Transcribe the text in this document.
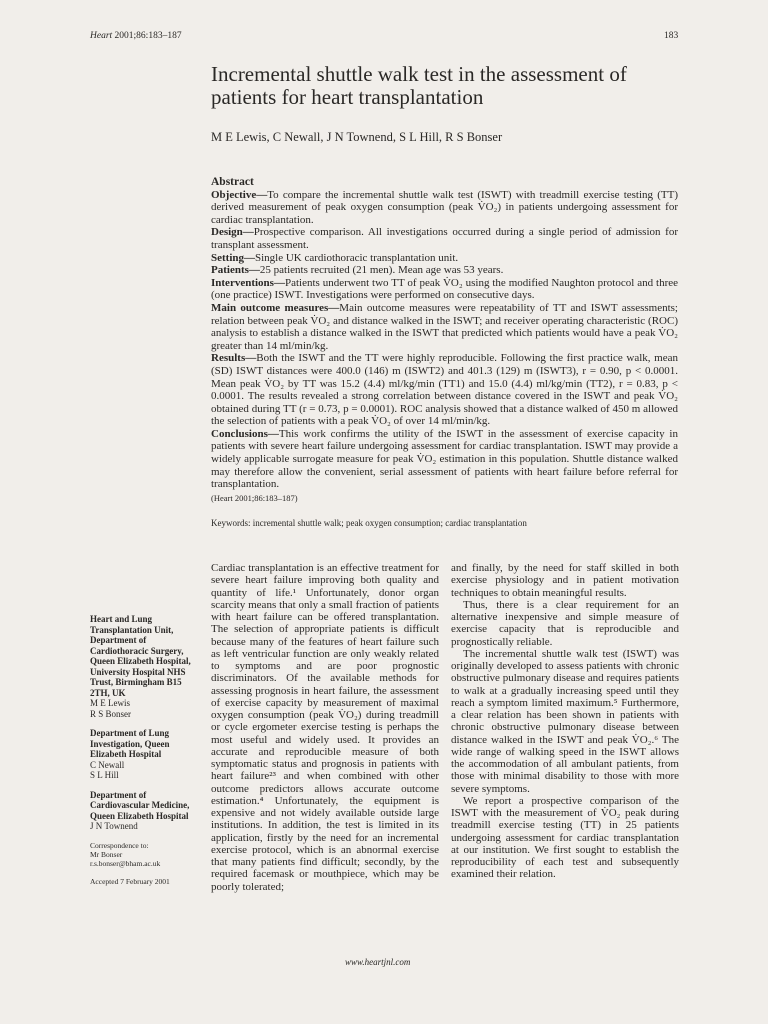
Heart 2001;86:183–187	183
Incremental shuttle walk test in the assessment of patients for heart transplantation
M E Lewis, C Newall, J N Townend, S L Hill, R S Bonser

Abstract

Objective—To compare the incremental shuttle walk test (ISWT) with treadmill exercise testing (TT) derived measurement of peak oxygen consumption (peak V̇O₂) in patients undergoing assessment for cardiac transplantation.

Design—Prospective comparison. All investigations occurred during a single period of admission for transplant assessment.

Setting—Single UK cardiothoracic transplantation unit.

Patients—25 patients recruited (21 men). Mean age was 53 years.

Interventions—Patients underwent two TT of peak V̇O₂ using the modified Naughton protocol and three (one practice) ISWT. Investigations were performed on consecutive days.

Main outcome measures—Main outcome measures were repeatability of TT and ISWT assessments; relation between peak V̇O₂ and distance walked in the ISWT; and receiver operating characteristic (ROC) analysis to establish a distance walked in the ISWT that predicted which patients would have a peak V̇O₂ greater than 14 ml/min/kg.

Results—Both the ISWT and the TT were highly reproducible. Following the first practice walk, mean (SD) ISWT distances were 400.0 (146) m (ISWT2) and 401.3 (129) m (ISWT3), r = 0.90, p < 0.0001. Mean peak V̇O₂ by TT was 15.2 (4.4) ml/kg/min (TT1) and 15.0 (4.4) ml/kg/min (TT2), r = 0.83, p < 0.0001. The results revealed a strong correlation between distance covered in the ISWT and peak V̇O₂ obtained during TT (r = 0.73, p = 0.0001). ROC analysis showed that a distance walked of 450 m allowed the selection of patients with a peak V̇O₂ of over 14 ml/min/kg.

Conclusions—This work confirms the utility of the ISWT in the assessment of exercise capacity in patients with severe heart failure undergoing assessment for cardiac transplantation. ISWT may provide a widely applicable surrogate measure for peak V̇O₂ estimation in this population. Shuttle distance walked may therefore allow the convenient, serial assessment of patients with heart failure before referral for transplantation.

(Heart 2001;86:183–187)

Keywords: incremental shuttle walk; peak oxygen consumption; cardiac transplantation
Heart and Lung Transplantation Unit, Department of Cardiothoracic Surgery, Queen Elizabeth Hospital, University Hospital NHS Trust, Birmingham B15 2TH, UK
M E Lewis
R S Bonser
Department of Lung Investigation, Queen Elizabeth Hospital
C Newall
S L Hill
Department of Cardiovascular Medicine, Queen Elizabeth Hospital
J N Townend
Correspondence to:
Mr Bonser
r.s.bonser@bham.ac.uk
Accepted 7 February 2001

Cardiac transplantation is an effective treatment for severe heart failure improving both quality and quantity of life.¹ Unfortunately, donor organ scarcity means that only a small fraction of patients with heart failure can be offered transplantation. The selection of appropriate patients is difficult because many of the features of heart failure such as left ventricular function are only weakly related to symptoms and are poor prognostic discriminators. Of the available methods for assessing prognosis in heart failure, the assessment of exercise capacity by measurement of maximal oxygen consumption (peak V̇O₂) during treadmill or cycle ergometer exercise testing is perhaps the most useful and widely used. It provides an accurate and reproducible measure of both symptomatic status and prognosis in patients with heart failure²³ and when combined with other outcome predictors allows accurate outcome estimation.⁴ Unfortunately, the equipment is expensive and not widely available outside large institutions. In addition, the test is limited in its application, firstly by the need for an incremental exercise protocol, which is an abnormal exercise that many patients find difficult; secondly, by the required facemask or mouthpiece, which may be poorly tolerated;

and finally, by the need for staff skilled in both exercise physiology and in patient motivation techniques to obtain meaningful results.

Thus, there is a clear requirement for an alternative inexpensive and simple measure of exercise capacity that is reproducible and prognostically reliable.

The incremental shuttle walk test (ISWT) was originally developed to assess patients with chronic obstructive pulmonary disease and requires patients to walk at a gradually increasing speed until they reach a symptom limited maximum.⁵ Furthermore, a clear relation has been shown in patients with chronic obstructive pulmonary disease between distance walked in the ISWT and peak V̇O₂.⁶ The wide range of walking speed in the ISWT allows the accommodation of all ambulant patients, from those with minimal disability to those with more severe symptoms.

We report a prospective comparison of the ISWT with the measurement of V̇O₂ peak during treadmill exercise testing (TT) in 25 patients undergoing assessment for cardiac transplantation at our institution. We first sought to establish the reproducibility of each test and subsequently examined their relation.

www.heartjnl.com
